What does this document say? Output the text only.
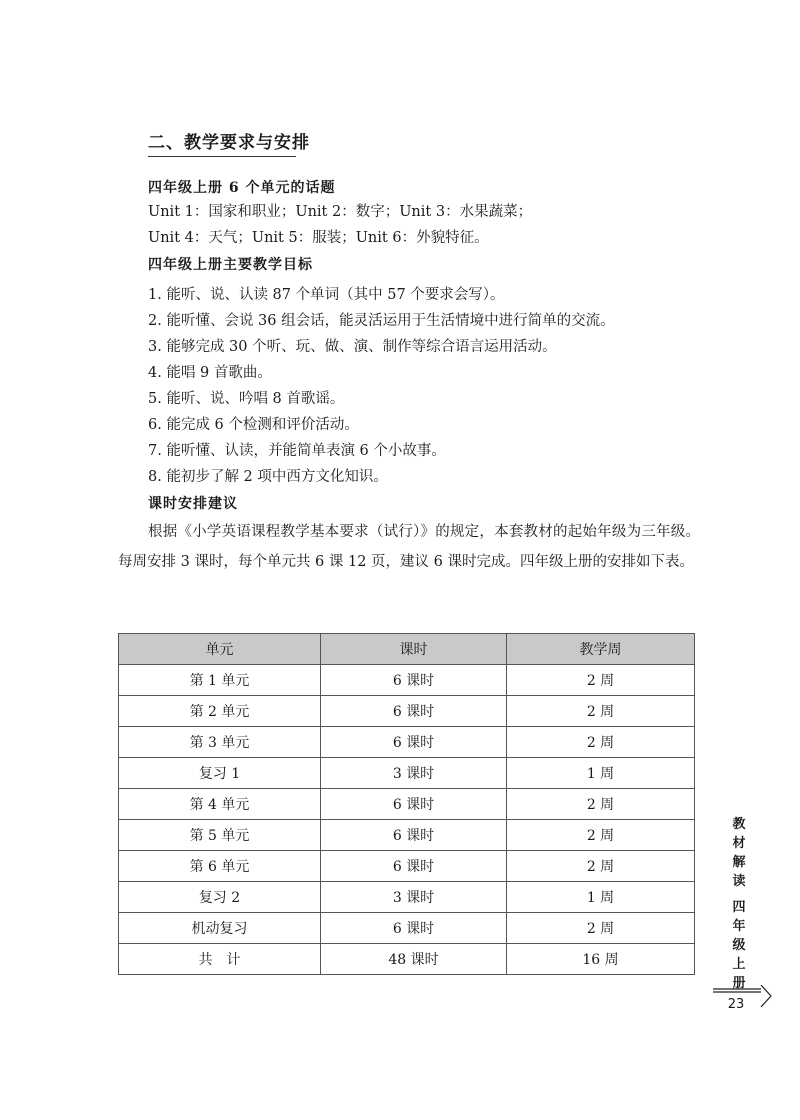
二、教学要求与安排
四年级上册 6 个单元的话题
Unit 1：国家和职业；Unit 2：数字；Unit 3：水果蔬菜；
Unit 4：天气；Unit 5：服装；Unit 6：外貌特征。
四年级上册主要教学目标
1. 能听、说、认读 87 个单词（其中 57 个要求会写）。
2. 能听懂、会说 36 组会话，能灵活运用于生活情境中进行简单的交流。
3. 能够完成 30 个听、玩、做、演、制作等综合语言运用活动。
4. 能唱 9 首歌曲。
5. 能听、说、吟唱 8 首歌谣。
6. 能完成 6 个检测和评价活动。
7. 能听懂、认读，并能简单表演 6 个小故事。
8. 能初步了解 2 项中西方文化知识。
课时安排建议
根据《小学英语课程教学基本要求（试行）》的规定，本套教材的起始年级为三年级。每周安排 3 课时，每个单元共 6 课 12 页，建议 6 课时完成。四年级上册的安排如下表。
单元	课时	教学周
第 1 单元	6 课时	2 周
第 2 单元	6 课时	2 周
第 3 单元	6 课时	2 周
复习 1	3 课时	1 周
第 4 单元	6 课时	2 周
第 5 单元	6 课时	2 周
第 6 单元	6 课时	2 周
复习 2	3 课时	1 周
机动复习	6 课时	2 周
共　计	48 课时	16 周
教
材
解
读
四
年
级
上
册
23
